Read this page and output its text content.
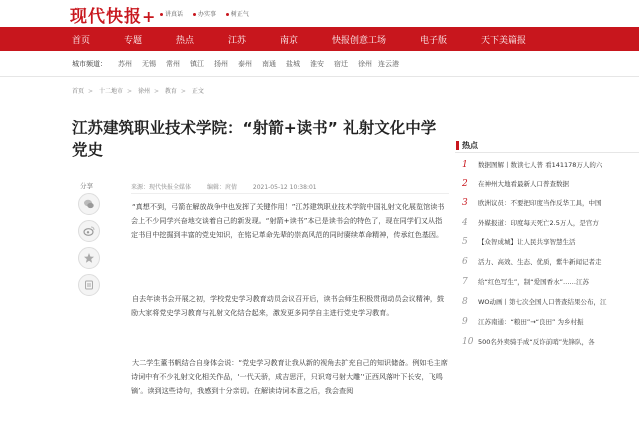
现代快报+	讲真话 办实事 树正气
首页	专题	热点	江苏	南京	快报创意工场	电子版	天下美篇报
城市频道： 苏州 无锡 常州 镇江 扬州 泰州 南通 盐城 淮安 宿迁 徐州 连云港
首页 > 十二地市 > 徐州 > 教育 > 正文
江苏建筑职业技术学院：“射箭+读书” 礼射文化中学党史
分享	来源：现代快报全媒体	编辑：庹倩	2021-05-12 10:38:01

“真想不到，弓箭在解放战争中也发挥了关键作用！”江苏建筑职业技术学院中国礼射文化展览馆读书会上不少同学兴奋地交谈着自己的新发现。“射箭+读书”本已是读书会的特色了，现在同学们又从指定书目中挖掘到丰富的党史知识，在铭记革命先辈的崇高风范的同时赓续革命精神，传承红色基因。

自去年读书会开展之初，学校党史学习教育动员会议召开后，读书会师生积极贯彻动员会议精神，鼓励大家将党史学习教育与礼射文化结合起来，激发更多同学自主进行党史学习教育。

大二学生董书帆结合自身体会说：“党史学习教育让我从新的视角去扩充自己的知识储备。例如毛主席诗词中有不少礼射文化相关作品，‘一代天骄，成吉思汗，只识弯弓射大雕’‘正西风落叶下长安，飞鸣镝’。读到这些诗句，我感到十分亲切。在解读诗词本意之后，我会查阅

热点
1 数据图解丨数读七人普 看141178万人的六
2 在神州大地看最新人口普查数据
3 欧洲议员：不要把印度当作反华工具，中国
4 外媒报道：印度每天死亡2.5万人，是官方
5 【众智成城】让人民共享智慧生活
6 活力、高效、生态、优质，紫牛新闻记者走
7 给“红色写生”，制“爱国香水”……江苏
8 WO动画丨第七次全国人口普查结果公布，江
9 江苏南通：“粮田”→“良田” 为乡村振
10 500名外卖骑手成“反诈前哨”先锋队，各
